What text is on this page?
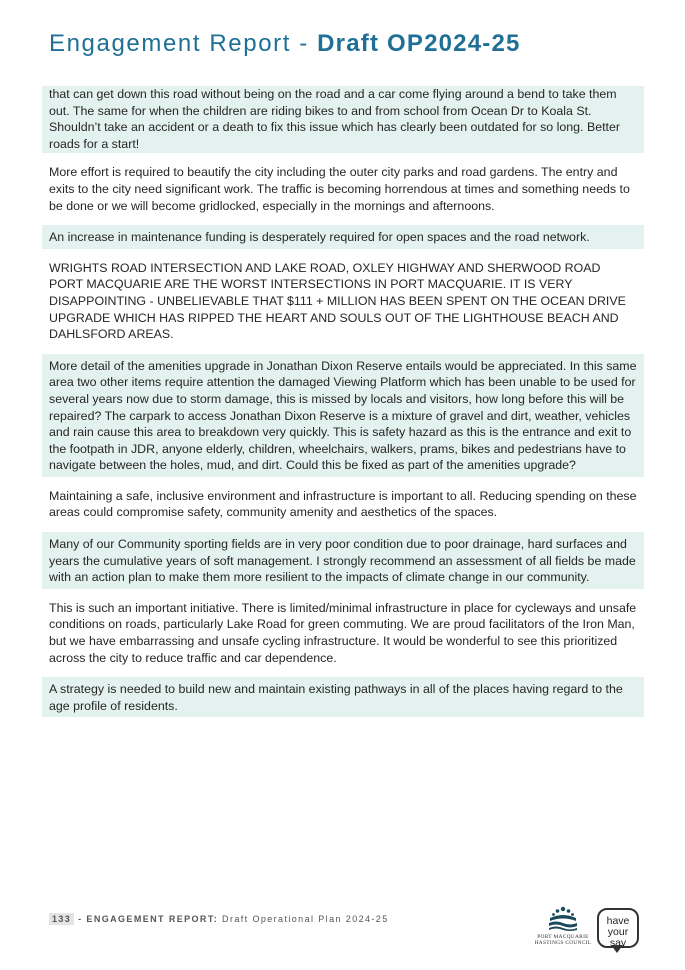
Engagement Report - Draft OP2024-25
that can get down this road without being on the road and a car come flying around a bend to take them out. The same for when the children are riding bikes to and from school from Ocean Dr to Koala St. Shouldn’t take an accident or a death to fix this issue which has clearly been outdated for so long. Better roads for a start!
More effort is required to beautify the city including the outer city parks and road gardens. The entry and exits to the city need significant work. The traffic is becoming horrendous at times and something needs to be done or we will become gridlocked, especially in the mornings and afternoons.
An increase in maintenance funding is desperately required for open spaces and the road network.
WRIGHTS ROAD INTERSECTION AND LAKE ROAD, OXLEY HIGHWAY AND SHERWOOD ROAD PORT MACQUARIE ARE THE WORST INTERSECTIONS IN PORT MACQUARIE. IT IS VERY DISAPPOINTING - UNBELIEVABLE THAT $111 + MILLION HAS BEEN SPENT ON THE OCEAN DRIVE UPGRADE WHICH HAS RIPPED THE HEART AND SOULS OUT OF THE LIGHTHOUSE BEACH AND DAHLSFORD AREAS.
More detail of the amenities upgrade in Jonathan Dixon Reserve entails would be appreciated. In this same area two other items require attention the damaged Viewing Platform which has been unable to be used for several years now due to storm damage, this is missed by locals and visitors, how long before this will be repaired? The carpark to access Jonathan Dixon Reserve is a mixture of gravel and dirt, weather, vehicles and rain cause this area to breakdown very quickly. This is safety hazard as this is the entrance and exit to the footpath in JDR, anyone elderly, children, wheelchairs, walkers, prams, bikes and pedestrians have to navigate between the holes, mud, and dirt. Could this be fixed as part of the amenities upgrade?
Maintaining a safe, inclusive environment and infrastructure is important to all. Reducing spending on these areas could compromise safety, community amenity and aesthetics of the spaces.
Many of our Community sporting fields are in very poor condition due to poor drainage, hard surfaces and years the cumulative years of soft management. I strongly recommend an assessment of all fields be made with an action plan to make them more resilient to the impacts of climate change in our community.
This is such an important initiative. There is limited/minimal infrastructure in place for cycleways and unsafe conditions on roads, particularly Lake Road for green commuting. We are proud facilitators of the Iron Man, but we have embarrassing and unsafe cycling infrastructure. It would be wonderful to see this prioritized across the city to reduce traffic and car dependence.
A strategy is needed to build new and maintain existing pathways in all of the places having regard to the age profile of residents.
133 - ENGAGEMENT REPORT: Draft Operational Plan 2024-25
PORT MACQUARIE
HASTINGS COUNCIL
have
your say
